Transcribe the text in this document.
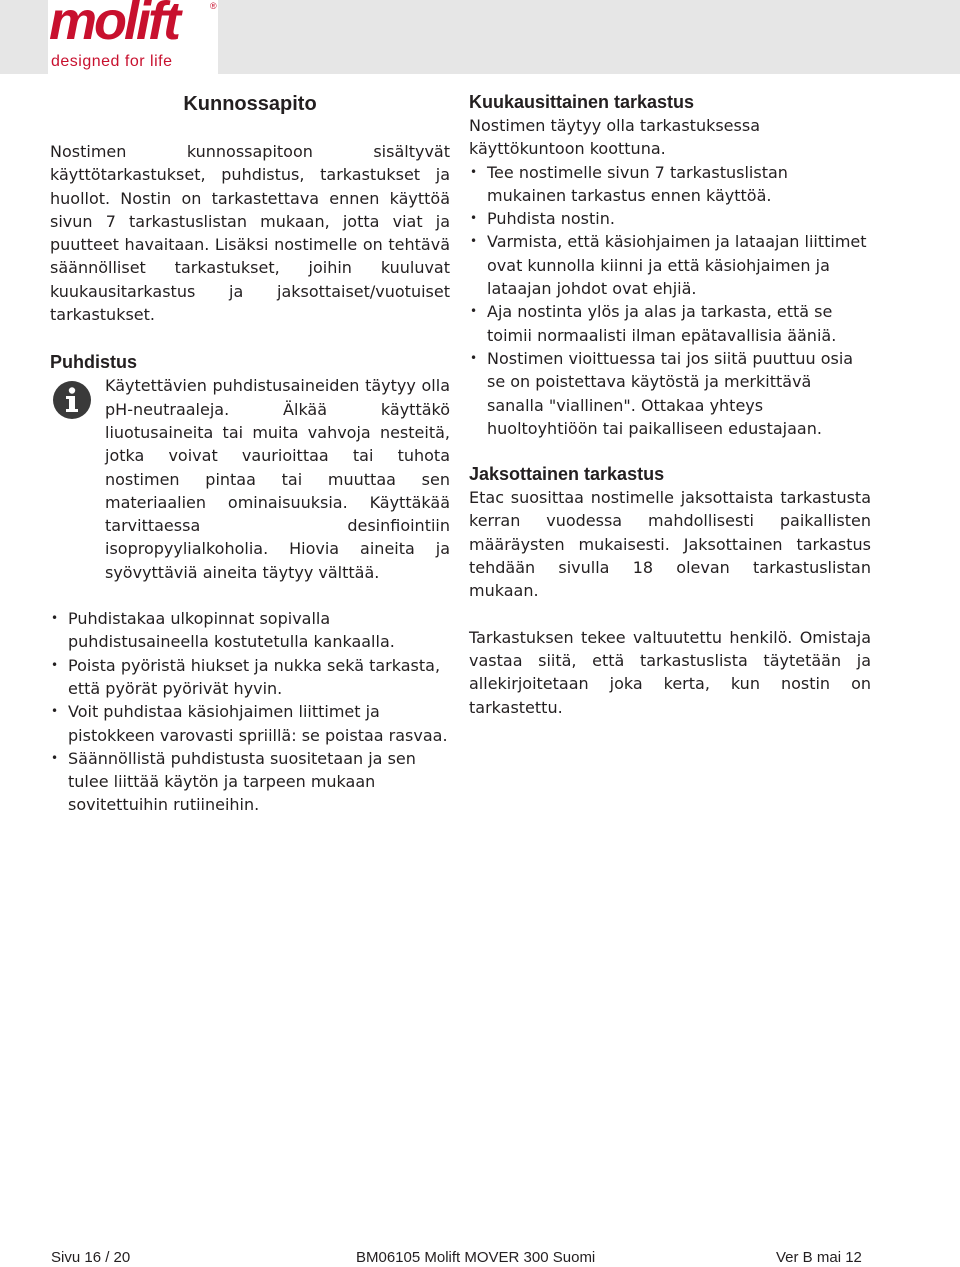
molift	®
designed for life
Kunnossapito

Nostimen kunnossapitoon sisältyvät käyttötarkastukset, puhdistus, tarkastukset ja huollot. Nostin on tarkastettava ennen käyttöä sivun 7 tarkastuslistan mukaan, jotta viat ja puutteet havaitaan. Lisäksi nostimelle on tehtävä säännölliset tarkastukset, joihin kuuluvat kuukausitarkastus ja jaksottaiset/vuotuiset tarkastukset.

Puhdistus

Käytettävien puhdistusaineiden täytyy olla pH-neutraaleja. Älkää käyttäkö liuotusaineita tai muita vahvoja nesteitä, jotka voivat vaurioittaa tai tuhota nostimen pintaa tai muuttaa sen materiaalien ominaisuuksia. Käyttäkää tarvittaessa desinfiointiin isopropyylialkoholia. Hiovia aineita ja syövyttäviä aineita täytyy välttää.

• Puhdistakaa ulkopinnat sopivalla puhdistusaineella kostutetulla kankaalla.
• Poista pyöristä hiukset ja nukka sekä tarkasta, että pyörät pyörivät hyvin.
• Voit puhdistaa käsiohjaimen liittimet ja pistokkeen varovasti spriillä: se poistaa rasvaa.
• Säännöllistä puhdistusta suositetaan ja sen tulee liittää käytön ja tarpeen mukaan sovitettuihin rutiineihin.
Kuukausittainen tarkastus

Nostimen täytyy olla tarkastuksessa käyttökuntoon koottuna.

• Tee nostimelle sivun 7 tarkastuslistan mukainen tarkastus ennen käyttöä.
• Puhdista nostin.
• Varmista, että käsiohjaimen ja lataajan liittimet ovat kunnolla kiinni ja että käsiohjaimen ja lataajan johdot ovat ehjiä.
• Aja nostinta ylös ja alas ja tarkasta, että se toimii normaalisti ilman epätavallisia ääniä.
• Nostimen vioittuessa tai jos siitä puuttuu osia se on poistettava käytöstä ja merkittävä sanalla "viallinen". Ottakaa yhteys huoltoyhtiöön tai paikalliseen edustajaan.
Jaksottainen tarkastus

Etac suosittaa nostimelle jaksottaista tarkastusta kerran vuodessa mahdollisesti paikallisten määräysten mukaisesti. Jaksottainen tarkastus tehdään sivulla 18 olevan tarkastuslistan mukaan.

Tarkastuksen tekee valtuutettu henkilö. Omistaja vastaa siitä, että tarkastuslista täytetään ja allekirjoitetaan joka kerta, kun nostin on tarkastettu.

Sivu 16 / 20	BM06105 Molift MOVER 300 Suomi	Ver B mai 12
